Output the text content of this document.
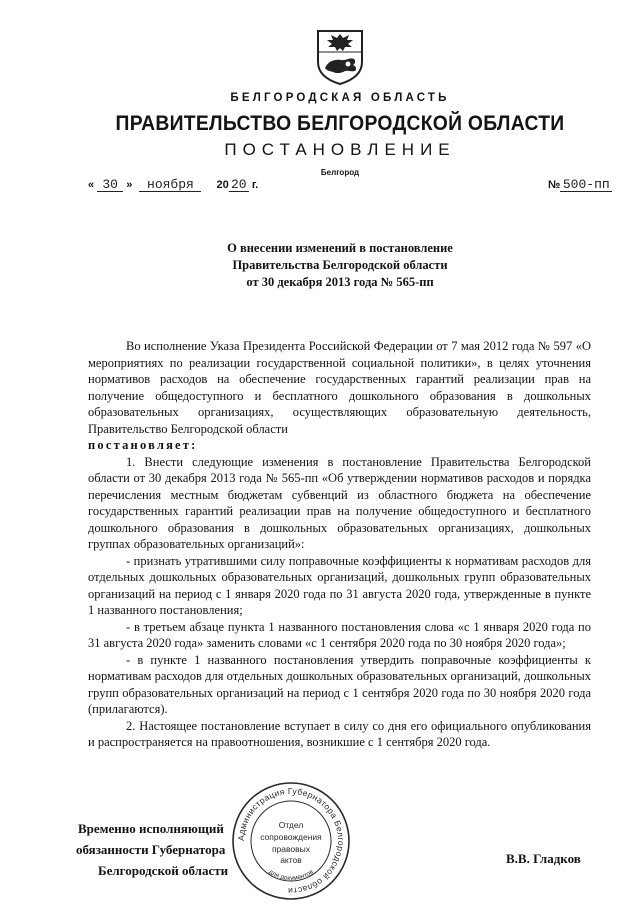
БЕЛГОРОДСКАЯ ОБЛАСТЬ
ПРАВИТЕЛЬСТВО БЕЛГОРОДСКОЙ ОБЛАСТИ
ПОСТАНОВЛЕНИЕ
Белгород
« 30 » ноября 20 20 г.	№ 500-пп
О внесении изменений в постановление
Правительства Белгородской области
от 30 декабря 2013 года № 565-пп

Во исполнение Указа Президента Российской Федерации от 7 мая 2012 года № 597 «О мероприятиях по реализации государственной социальной политики», в целях уточнения нормативов расходов на обеспечение государственных гарантий реализации прав на получение общедоступного и бесплатного дошкольного образования в дошкольных образовательных организациях, осуществляющих образовательную деятельность, Правительство Белгородской области

постановляет:

1. Внести следующие изменения в постановление Правительства Белгородской области от 30 декабря 2013 года № 565-пп «Об утверждении нормативов расходов и порядка перечисления местным бюджетам субвенций из областного бюджета на обеспечение государственных гарантий реализации прав на получение общедоступного и бесплатного дошкольного образования в дошкольных образовательных организациях, дошкольных группах образовательных организаций»:

- признать утратившими силу поправочные коэффициенты к нормативам расходов для отдельных дошкольных образовательных организаций, дошкольных групп образовательных организаций на период с 1 января 2020 года по 31 августа 2020 года, утвержденные в пункте 1 названного постановления;

- в третьем абзаце пункта 1 названного постановления слова «с 1 января 2020 года по 31 августа 2020 года» заменить словами «с 1 сентября 2020 года по 30 ноября 2020 года»;

- в пункте 1 названного постановления утвердить поправочные коэффициенты к нормативам расходов для отдельных дошкольных образовательных организаций, дошкольных групп образовательных организаций на период с 1 сентября 2020 года по 30 ноября 2020 года (прилагаются).

2. Настоящее постановление вступает в силу со дня его официального опубликования и распространяется на правоотношения, возникшие с 1 сентября 2020 года.

Временно исполняющий
обязанности Губернатора
Белгородской области
В.В. Гладков
Администрация Губернатора Белгородской области
Отдел
сопровождения
правовых
актов
для документов
